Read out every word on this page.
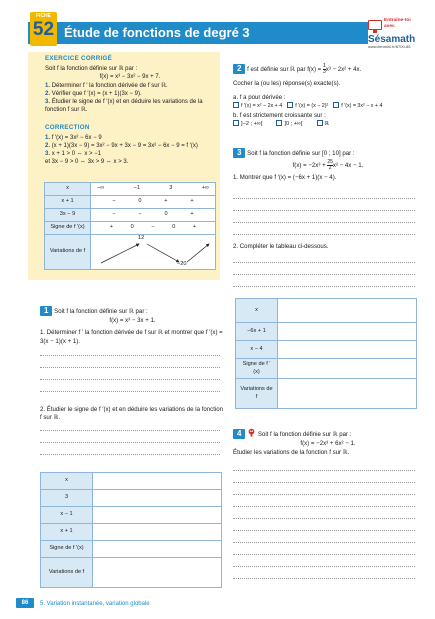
FICHE
52 Étude de fonctions de degré 3
Entraîne-toi
avec
Sésamath
www.lienmini.fr/8700-85
EXERCICE CORRIGÉ
Soit f la fonction définie sur ℝ par :
f(x) = x³ − 3x² − 9x + 7.
1. Déterminer f ′ la fonction dérivée de f sur ℝ.
2. Vérifier que f ′(x) = (x + 1)(3x − 9).
3. Étudier le signe de f ′(x) et en déduire les variations de la fonction f sur ℝ.
CORRECTION
1. f ′(x) = 3x² − 6x − 9
2. (x + 1)(3x − 9) = 3x² − 9x + 3x − 9 = 3x² − 6x − 9 = f ′(x)
3. x + 1 > 0 ⇔ x > −1
et 3x − 9 > 0 ⇔ 3x > 9 ⇔ x > 3.
x	−∞ −1 3 +∞

x + 1	− 0 + +

3x − 9	− − 0 +

Signe de f ′(x)	+ 0 − 0 +

Variations de f	12
−20
1 Soit f la fonction définie sur ℝ par :
f(x) = x³ − 3x + 1.
1. Déterminer f ′ la fonction dérivée de f sur ℝ et montrer que f ′(x) = 3(x − 1)(x + 1).
2. Étudier le signe de f ′(x) et en déduire les variations de la fonction f sur ℝ.
x	
3	
x − 1	
x + 1	
Signe de f ′(x)	
Variations de f	
2 f est définie sur ℝ par $f(x) = \frac{1}{3} x^3 - 2x^2 + 4x$.
Cocher la (ou les) réponse(s) exacte(s).
a. f a pour dérivée :
f ′(x) = x² − 2x + 4	f ′(x) = (x − 2)²	f ′(x) = 3x² − x + 4
b. f est strictement croissante sur :
]−2 ; +∞[	]0 ; +∞[	ℝ
3 Soit f la fonction définie sur [0 ; 10] par :
$f(x) = -2x^3 + \frac{25}{2} x^2 - 4x - 1$.
1. Montrer que f ′(x) = (−6x + 1)(x − 4).
2. Compléter le tableau ci-dessous.
x	
−6x + 1	
x − 4	
Signe de f ′(x)	
Variations de f	
4	Soit f la fonction définie sur ℝ par :
f(x) = −2x³ + 6x² − 1.
Étudier les variations de la fonction f sur ℝ.
86	5. Variation instantanée, variation globale
